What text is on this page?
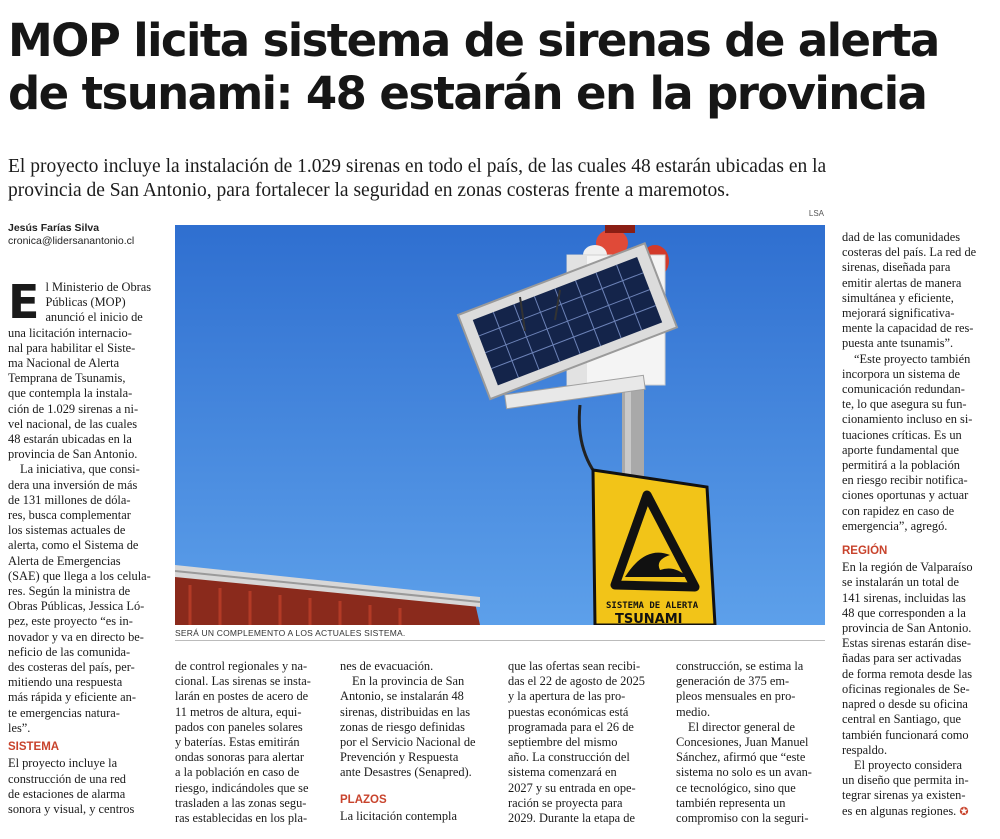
MOP licita sistema de sirenas de alerta
de tsunami: 48 estarán en la provincia
El proyecto incluye la instalación de 1.029 sirenas en todo el país, de las cuales 48 estarán ubicadas en la
provincia de San Antonio, para fortalecer la seguridad en zonas costeras frente a maremotos.
Jesús Farías Silva
cronica@lidersanantonio.cl
LSA
SISTEMA DE ALERTA
TSUNAMI
SERÁ UN COMPLEMENTO A LOS ACTUALES SISTEMA.

E l Ministerio de Obras
Públicas (MOP)
anunció el inicio de
una licitación internacio-
nal para habilitar el Siste-
ma Nacional de Alerta
Temprana de Tsunamis,
que contempla la instala-
ción de 1.029 sirenas a ni-
vel nacional, de las cuales
48 estarán ubicadas en la
provincia de San Antonio.

La iniciativa, que consi-

dera una inversión de más
de 131 millones de dóla-
res, busca complementar
los sistemas actuales de
alerta, como el Sistema de
Alerta de Emergencias
(SAE) que llega a los celula-
res. Según la ministra de
Obras Públicas, Jessica Ló-
pez, este proyecto “es in-
novador y va en directo be-
neficio de las comunida-
des costeras del país, per-
mitiendo una respuesta
más rápida y eficiente an-
te emergencias natura-
les”.

SISTEMA

El proyecto incluye la
construcción de una red
de estaciones de alarma
sonora y visual, y centros

de control regionales y na-
cional. Las sirenas se insta-
larán en postes de acero de
11 metros de altura, equi-
pados con paneles solares
y baterías. Estas emitirán
ondas sonoras para alertar
a la población en caso de
riesgo, indicándoles que se
trasladen a las zonas segu-
ras establecidas en los pla-

nes de evacuación.

En la provincia de San
Antonio, se instalarán 48
sirenas, distribuidas en las
zonas de riesgo definidas
por el Servicio Nacional de
Prevención y Respuesta
ante Desastres (Senapred).

PLAZOS

La licitación contempla

que las ofertas sean recibi-
das el 22 de agosto de 2025
y la apertura de las pro-
puestas económicas está
programada para el 26 de
septiembre del mismo
año. La construcción del
sistema comenzará en
2027 y su entrada en ope-
ración se proyecta para
2029. Durante la etapa de

construcción, se estima la
generación de 375 em-
pleos mensuales en pro-
medio.

El director general de
Concesiones, Juan Manuel
Sánchez, afirmó que “este
sistema no solo es un avan-
ce tecnológico, sino que
también representa un
compromiso con la seguri-

dad de las comunidades
costeras del país. La red de
sirenas, diseñada para
emitir alertas de manera
simultánea y eficiente,
mejorará significativa-
mente la capacidad de res-
puesta ante tsunamis”.

“Este proyecto también
incorpora un sistema de
comunicación redundan-
te, lo que asegura su fun-
cionamiento incluso en si-
tuaciones críticas. Es un
aporte fundamental que
permitirá a la población
en riesgo recibir notifica-
ciones oportunas y actuar
con rapidez en caso de
emergencia”, agregó.

REGIÓN

En la región de Valparaíso
se instalarán un total de
141 sirenas, incluidas las
48 que corresponden a la
provincia de San Antonio.
Estas sirenas estarán dise-
ñadas para ser activadas
de forma remota desde las
oficinas regionales de Se-
napred o desde su oficina
central en Santiago, que
también funcionará como
respaldo.

El proyecto considera
un diseño que permita in-
tegrar sirenas ya existen-
es en algunas regiones. ✪
